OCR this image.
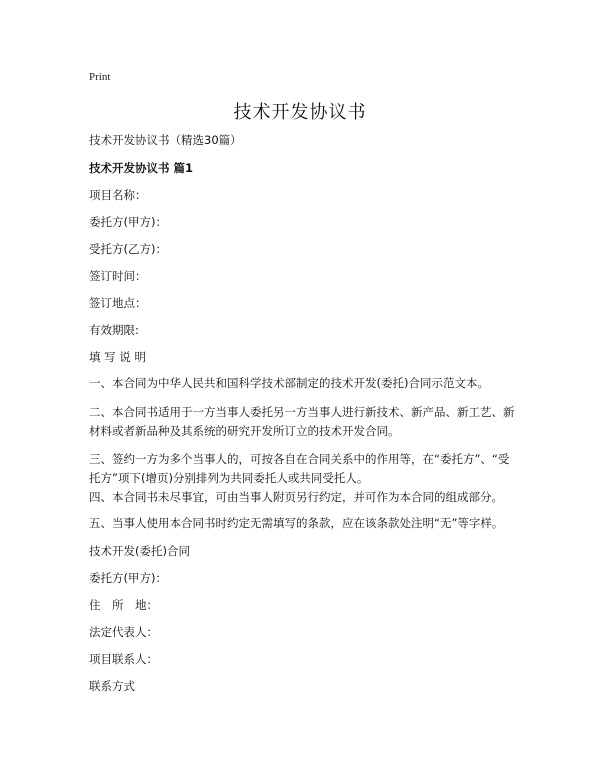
Print
技术开发协议书
技术开发协议书（精选30篇）
技术开发协议书 篇1
项目名称：
委托方(甲方)：
受托方(乙方)：
签订时间：
签订地点：
有效期限:
填 写 说 明
一、本合同为中华人民共和国科学技术部制定的技术开发(委托)合同示范文本。
二、本合同书适用于一方当事人委托另一方当事人进行新技术、新产品、新工艺、新材料或者新品种及其系统的研究开发所订立的技术开发合同。
三、签约一方为多个当事人的，可按各自在合同关系中的作用等，在“委托方”、“受托方”项下(增页)分别排列为共同委托人或共同受托人。
四、本合同书未尽事宜，可由当事人附页另行约定，并可作为本合同的组成部分。
五、当事人使用本合同书时约定无需填写的条款，应在该条款处注明“无”等字样。
技术开发(委托)合同
委托方(甲方)：
住　所　地：
法定代表人：
项目联系人：
联系方式
